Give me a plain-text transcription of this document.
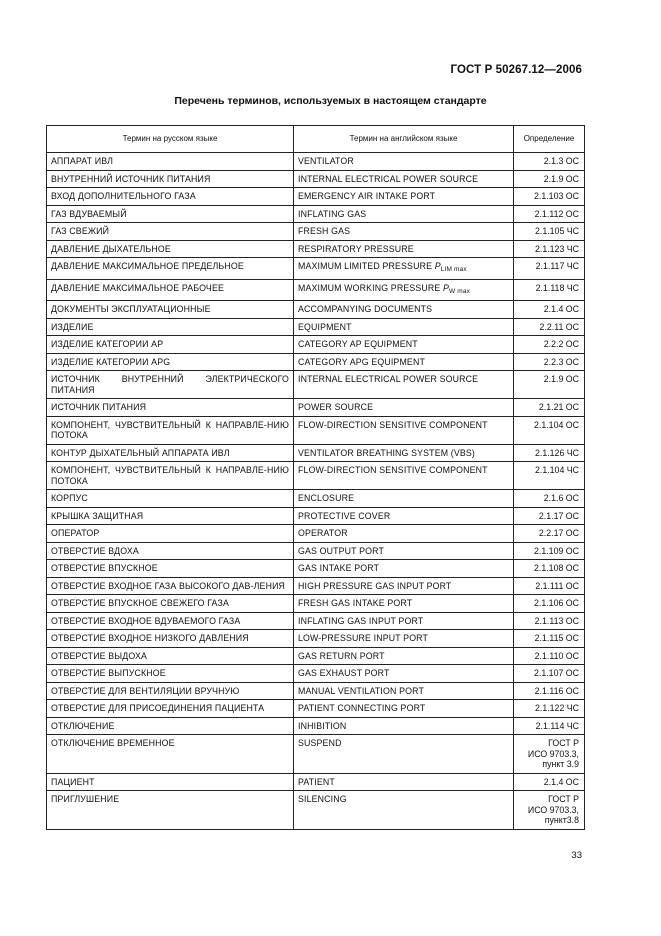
ГОСТ Р 50267.12—2006
Перечень терминов, используемых в настоящем стандарте
Термин на русском языке	Термин на английском языке	Определение
АППАРАТ ИВЛ	VENTILATOR	2.1.3 ОС
ВНУТРЕННИЙ ИСТОЧНИК ПИТАНИЯ	INTERNAL ELECTRICAL POWER SOURCE	2.1.9 ОС
ВХОД ДОПОЛНИТЕЛЬНОГО ГАЗА	EMERGENCY AIR INTAKE PORT	2.1.103 ОС
ГАЗ ВДУВАЕМЫЙ	INFLATING GAS	2.1.112 ОС
ГАЗ СВЕЖИЙ	FRESH GAS	2.1.105 ЧС
ДАВЛЕНИЕ ДЫХАТЕЛЬНОЕ	RESPIRATORY PRESSURE	2.1.123 ЧС
ДАВЛЕНИЕ МАКСИМАЛЬНОЕ ПРЕДЕЛЬНОЕ	MAXIMUM LIMITED PRESSURE $P_{LIM max}$	2.1.117 ЧС
ДАВЛЕНИЕ МАКСИМАЛЬНОЕ РАБОЧЕЕ	MAXIMUM WORKING PRESSURE $P_{W max}$	2.1.118 ЧС
ДОКУМЕНТЫ ЭКСПЛУАТАЦИОННЫЕ	ACCOMPANYING DOCUMENTS	2.1.4 ОС
ИЗДЕЛИЕ	EQUIPMENT	2.2.11 ОС
ИЗДЕЛИЕ КАТЕГОРИИ AP	CATEGORY AP EQUIPMENT	2.2.2 ОС
ИЗДЕЛИЕ КАТЕГОРИИ APG	CATEGORY APG EQUIPMENT	2.2.3 ОС
ИСТОЧНИК ВНУТРЕННИЙ ЭЛЕКТРИЧЕСКОГО ПИТАНИЯ	INTERNAL ELECTRICAL POWER SOURCE	2.1.9 ОС
ИСТОЧНИК ПИТАНИЯ	POWER SOURCE	2.1.21 ОС
КОМПОНЕНТ, ЧУВСТВИТЕЛЬНЫЙ К НАПРАВЛЕ-НИЮ ПОТОКА	FLOW-DIRECTION SENSITIVE COMPONENT	2.1.104 ОС
КОНТУР ДЫХАТЕЛЬНЫЙ АППАРАТА ИВЛ	VENTILATOR BREATHING SYSTEM (VBS)	2.1.126 ЧС
КОМПОНЕНТ, ЧУВСТВИТЕЛЬНЫЙ К НАПРАВЛЕ-НИЮ ПОТОКА	FLOW-DIRECTION SENSITIVE COMPONENT	2.1.104 ЧС
КОРПУС	ENCLOSURE	2.1.6 ОС
КРЫШКА ЗАЩИТНАЯ	PROTECTIVE COVER	2.1.17 ОС
ОПЕРАТОР	OPERATOR	2.2.17 ОС
ОТВЕРСТИЕ ВДОХА	GAS OUTPUT PORT	2.1.109 ОС
ОТВЕРСТИЕ ВПУСКНОЕ	GAS INTAKE PORT	2.1.108 ОС
ОТВЕРСТИЕ ВХОДНОЕ ГАЗА ВЫСОКОГО ДАВ-ЛЕНИЯ	HIGH PRESSURE GAS INPUT PORT	2.1.111 ОС
ОТВЕРСТИЕ ВПУСКНОЕ СВЕЖЕГО ГАЗА	FRESH GAS INTAKE PORT	2.1.106 ОС
ОТВЕРСТИЕ ВХОДНОЕ ВДУВАЕМОГО ГАЗА	INFLATING GAS INPUT PORT	2.1.113 ОС
ОТВЕРСТИЕ ВХОДНОЕ НИЗКОГО ДАВЛЕНИЯ	LOW-PRESSURE INPUT PORT	2.1.115 ОС
ОТВЕРСТИЕ ВЫДОХА	GAS RETURN PORT	2.1.110 ОС
ОТВЕРСТИЕ ВЫПУСКНОЕ	GAS EXHAUST PORT	2.1.107 ОС
ОТВЕРСТИЕ ДЛЯ ВЕНТИЛЯЦИИ ВРУЧНУЮ	MANUAL VENTILATION PORT	2.1.116 ОС
ОТВЕРСТИЕ ДЛЯ ПРИСОЕДИНЕНИЯ ПАЦИЕНТА	PATIENT CONNECTING PORT	2.1.122 ЧС
ОТКЛЮЧЕНИЕ	INHIBITION	2.1.114 ЧС
ОТКЛЮЧЕНИЕ ВРЕМЕННОЕ	SUSPEND	ГОСТ Р
ИСО 9703.3,
пункт 3.9

ПАЦИЕНТ	PATIENT	2.1.4 ОС
ПРИГЛУШЕНИЕ	SILENCING	ГОСТ Р
ИСО 9703.3,
пункт3.8
33
